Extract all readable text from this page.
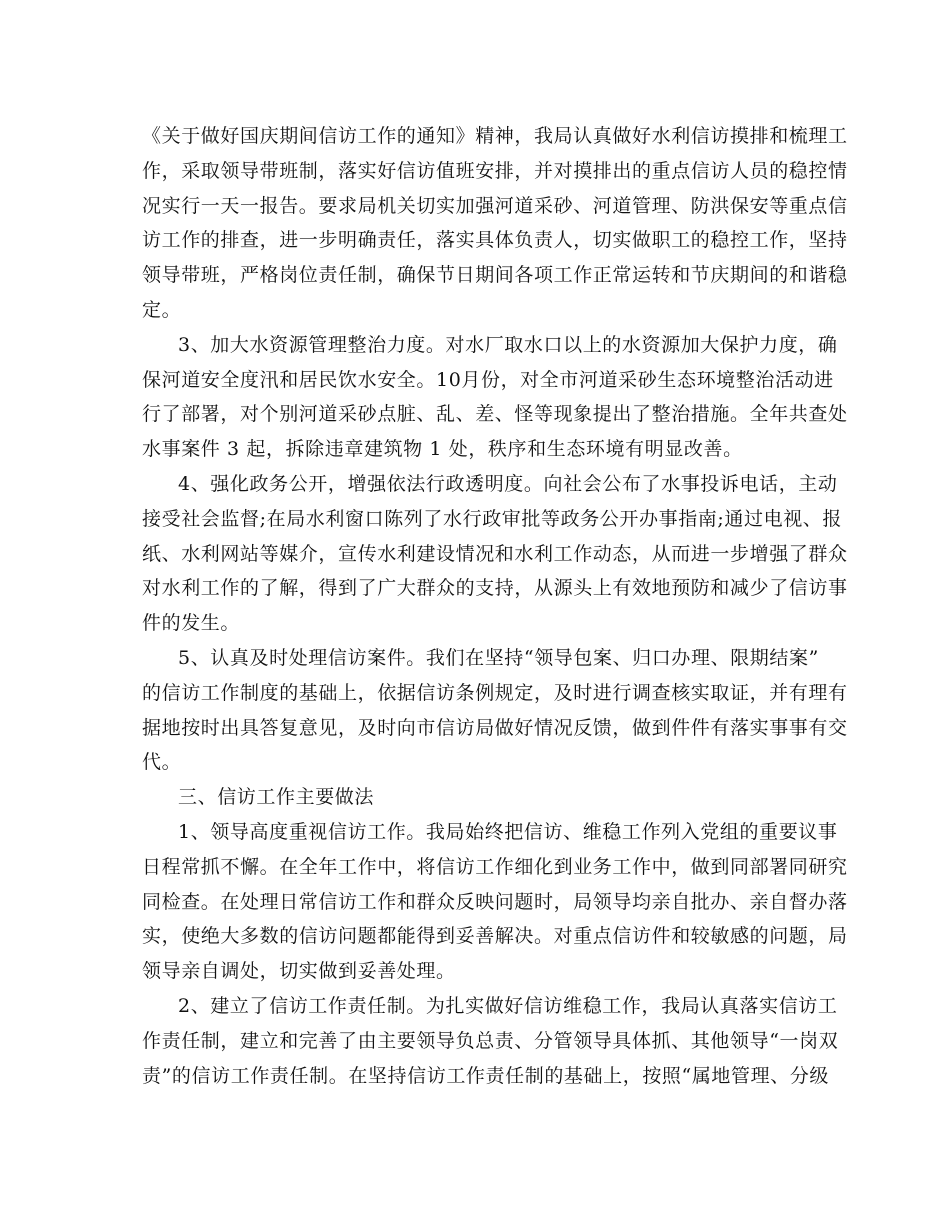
《关于做好国庆期间信访工作的通知》精神，我局认真做好水利信访摸排和梳理工
作，采取领导带班制，落实好信访值班安排，并对摸排出的重点信访人员的稳控情
况实行一天一报告。要求局机关切实加强河道采砂、河道管理、防洪保安等重点信
访工作的排查，进一步明确责任，落实具体负责人，切实做职工的稳控工作，坚持
领导带班，严格岗位责任制，确保节日期间各项工作正常运转和节庆期间的和谐稳
定。
3、加大水资源管理整治力度。对水厂取水口以上的水资源加大保护力度，确
保河道安全度汛和居民饮水安全。10月份，对全市河道采砂生态环境整治活动进
行了部署，对个别河道采砂点脏、乱、差、怪等现象提出了整治措施。全年共查处
水事案件 3 起，拆除违章建筑物 1 处，秩序和生态环境有明显改善。
4、强化政务公开，增强依法行政透明度。向社会公布了水事投诉电话，主动
接受社会监督;在局水利窗口陈列了水行政审批等政务公开办事指南;通过电视、报
纸、水利网站等媒介，宣传水利建设情况和水利工作动态，从而进一步增强了群众
对水利工作的了解，得到了广大群众的支持，从源头上有效地预防和减少了信访事
件的发生。
5、认真及时处理信访案件。我们在坚持“领导包案、归口办理、限期结案”
的信访工作制度的基础上，依据信访条例规定，及时进行调查核实取证，并有理有
据地按时出具答复意见，及时向市信访局做好情况反馈，做到件件有落实事事有交
代。
三、信访工作主要做法
1、领导高度重视信访工作。我局始终把信访、维稳工作列入党组的重要议事
日程常抓不懈。在全年工作中，将信访工作细化到业务工作中，做到同部署同研究
同检查。在处理日常信访工作和群众反映问题时，局领导均亲自批办、亲自督办落
实，使绝大多数的信访问题都能得到妥善解决。对重点信访件和较敏感的问题，局
领导亲自调处，切实做到妥善处理。
2、建立了信访工作责任制。为扎实做好信访维稳工作，我局认真落实信访工
作责任制，建立和完善了由主要领导负总责、分管领导具体抓、其他领导“一岗双
责”的信访工作责任制。在坚持信访工作责任制的基础上，按照“属地管理、分级
